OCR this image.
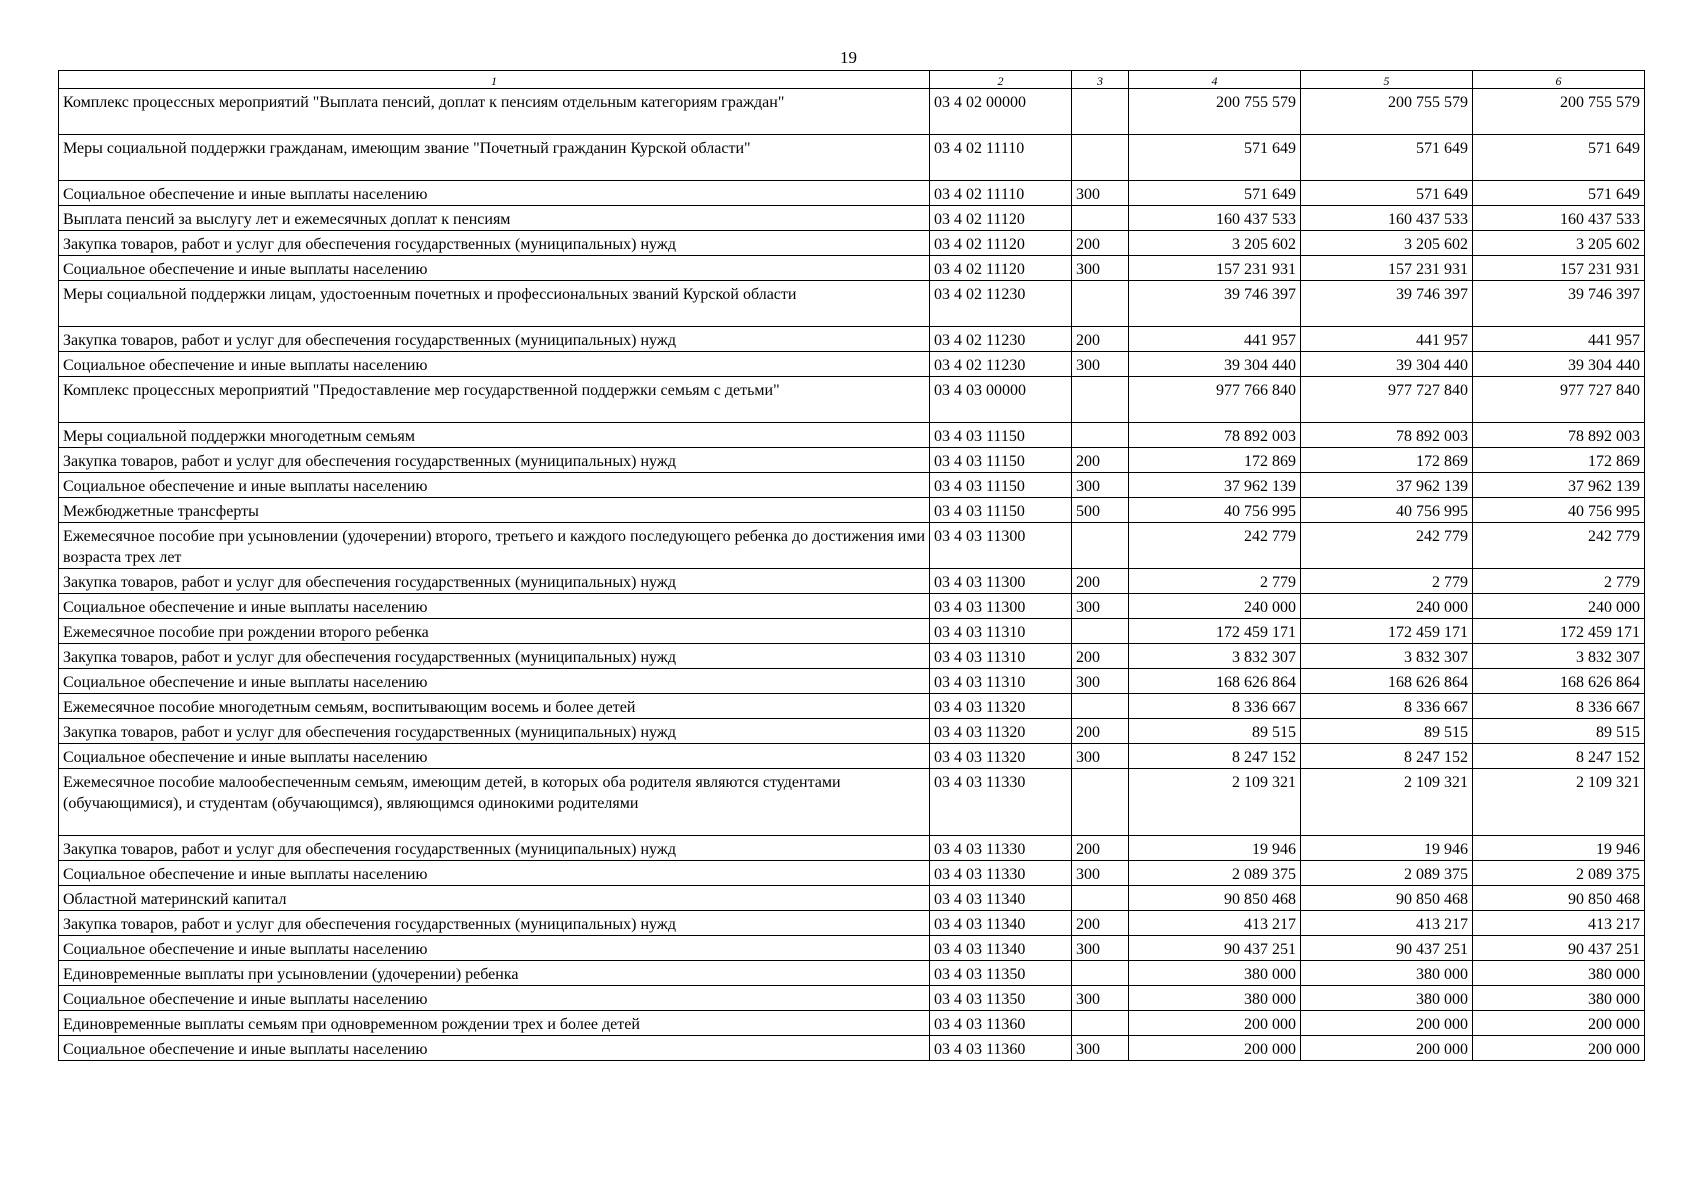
19
1	2	3	4	5	6
Комплекс процессных мероприятий "Выплата пенсий, доплат к пенсиям отдельным категориям граждан"	03 4 02 00000		200 755 579	200 755 579	200 755 579
Меры социальной поддержки гражданам, имеющим звание "Почетный гражданин Курской области"	03 4 02 11110		571 649	571 649	571 649
Социальное обеспечение и иные выплаты населению	03 4 02 11110	300	571 649	571 649	571 649
Выплата пенсий за выслугу лет и ежемесячных доплат к пенсиям	03 4 02 11120		160 437 533	160 437 533	160 437 533
Закупка товаров, работ и услуг для обеспечения государственных (муниципальных) нужд	03 4 02 11120	200	3 205 602	3 205 602	3 205 602
Социальное обеспечение и иные выплаты населению	03 4 02 11120	300	157 231 931	157 231 931	157 231 931
Меры социальной поддержки лицам, удостоенным почетных и профессиональных званий Курской области	03 4 02 11230		39 746 397	39 746 397	39 746 397
Закупка товаров, работ и услуг для обеспечения государственных (муниципальных) нужд	03 4 02 11230	200	441 957	441 957	441 957
Социальное обеспечение и иные выплаты населению	03 4 02 11230	300	39 304 440	39 304 440	39 304 440
Комплекс процессных мероприятий "Предоставление мер государственной поддержки семьям с детьми"	03 4 03 00000		977 766 840	977 727 840	977 727 840
Меры социальной поддержки многодетным семьям	03 4 03 11150		78 892 003	78 892 003	78 892 003
Закупка товаров, работ и услуг для обеспечения государственных (муниципальных) нужд	03 4 03 11150	200	172 869	172 869	172 869
Социальное обеспечение и иные выплаты населению	03 4 03 11150	300	37 962 139	37 962 139	37 962 139
Межбюджетные трансферты	03 4 03 11150	500	40 756 995	40 756 995	40 756 995
Ежемесячное пособие при усыновлении (удочерении) второго, третьего и каждого последующего ребенка до достижения ими возраста трех лет	03 4 03 11300		242 779	242 779	242 779
Закупка товаров, работ и услуг для обеспечения государственных (муниципальных) нужд	03 4 03 11300	200	2 779	2 779	2 779
Социальное обеспечение и иные выплаты населению	03 4 03 11300	300	240 000	240 000	240 000
Ежемесячное пособие при рождении второго ребенка	03 4 03 11310		172 459 171	172 459 171	172 459 171
Закупка товаров, работ и услуг для обеспечения государственных (муниципальных) нужд	03 4 03 11310	200	3 832 307	3 832 307	3 832 307
Социальное обеспечение и иные выплаты населению	03 4 03 11310	300	168 626 864	168 626 864	168 626 864
Ежемесячное пособие многодетным семьям, воспитывающим восемь и более детей	03 4 03 11320		8 336 667	8 336 667	8 336 667
Закупка товаров, работ и услуг для обеспечения государственных (муниципальных) нужд	03 4 03 11320	200	89 515	89 515	89 515
Социальное обеспечение и иные выплаты населению	03 4 03 11320	300	8 247 152	8 247 152	8 247 152
Ежемесячное пособие малообеспеченным семьям, имеющим детей, в которых оба родителя являются студентами (обучающимися), и студентам (обучающимся), являющимся одинокими родителями	03 4 03 11330		2 109 321	2 109 321	2 109 321
Закупка товаров, работ и услуг для обеспечения государственных (муниципальных) нужд	03 4 03 11330	200	19 946	19 946	19 946
Социальное обеспечение и иные выплаты населению	03 4 03 11330	300	2 089 375	2 089 375	2 089 375
Областной материнский капитал	03 4 03 11340		90 850 468	90 850 468	90 850 468
Закупка товаров, работ и услуг для обеспечения государственных (муниципальных) нужд	03 4 03 11340	200	413 217	413 217	413 217
Социальное обеспечение и иные выплаты населению	03 4 03 11340	300	90 437 251	90 437 251	90 437 251
Единовременные выплаты при усыновлении (удочерении) ребенка	03 4 03 11350		380 000	380 000	380 000
Социальное обеспечение и иные выплаты населению	03 4 03 11350	300	380 000	380 000	380 000
Единовременные выплаты семьям при одновременном рождении трех и более детей	03 4 03 11360		200 000	200 000	200 000
Социальное обеспечение и иные выплаты населению	03 4 03 11360	300	200 000	200 000	200 000
